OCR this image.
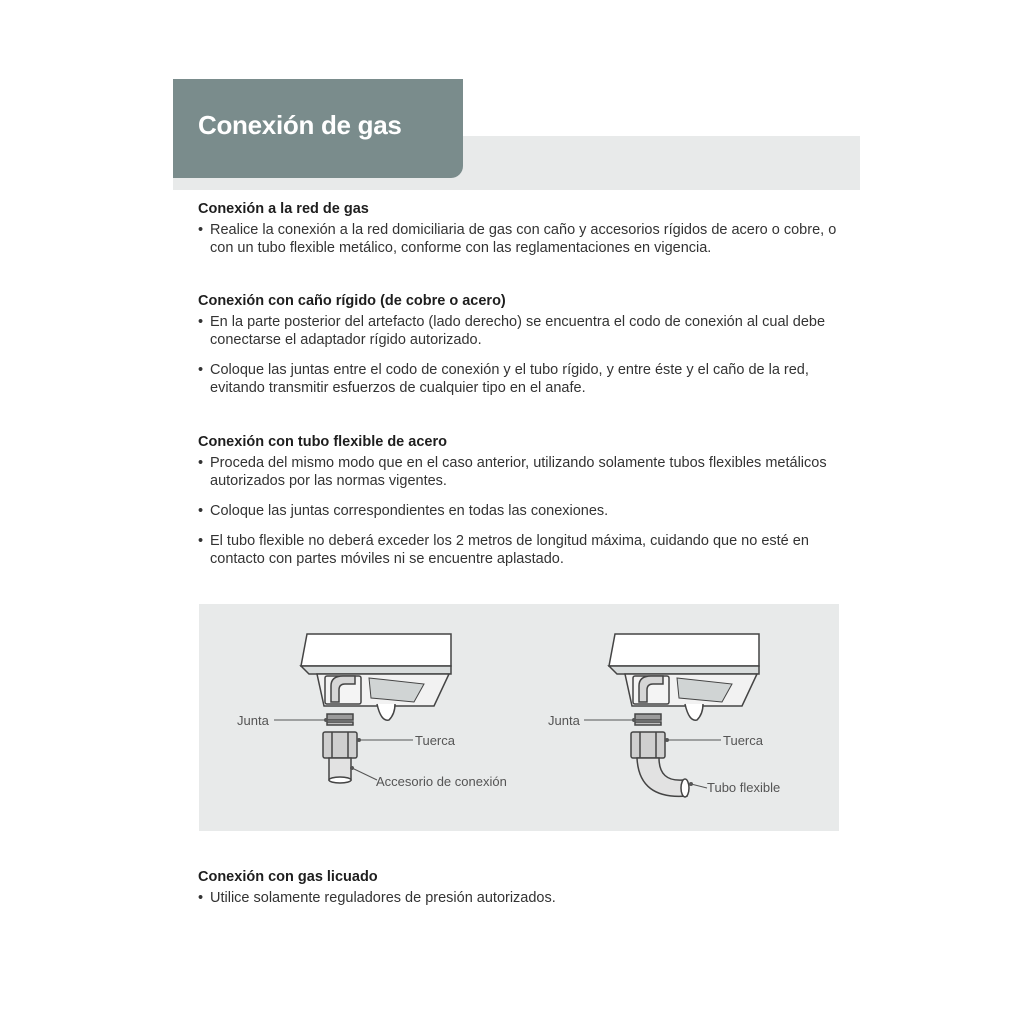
Conexión de gas
Conexión a la red de gas
• Realice la conexión a la red domiciliaria de gas con caño y accesorios rígidos de acero o cobre, o con un tubo flexible metálico, conforme con las reglamentaciones en vigencia.
Conexión con caño rígido (de cobre o acero)
• En la parte posterior del artefacto (lado derecho) se encuentra el codo de conexión al cual debe conectarse el adaptador rígido autorizado.
• Coloque las juntas entre el codo de conexión y el tubo rígido, y entre éste y el caño de la red, evitando transmitir esfuerzos de cualquier tipo en el anafe.
Conexión con tubo flexible de acero
• Proceda del mismo modo que en el caso anterior, utilizando solamente tubos flexibles metálicos autorizados por las normas vigentes.
• Coloque las juntas correspondientes en todas las conexiones.
• El tubo flexible no deberá exceder los 2 metros de longitud máxima, cuidando que no esté en contacto con partes móviles ni se encuentre aplastado.
Junta
Tuerca
Accesorio de conexión
Junta
Tuerca
Tubo flexible
Conexión con gas licuado
• Utilice solamente reguladores de presión autorizados.
